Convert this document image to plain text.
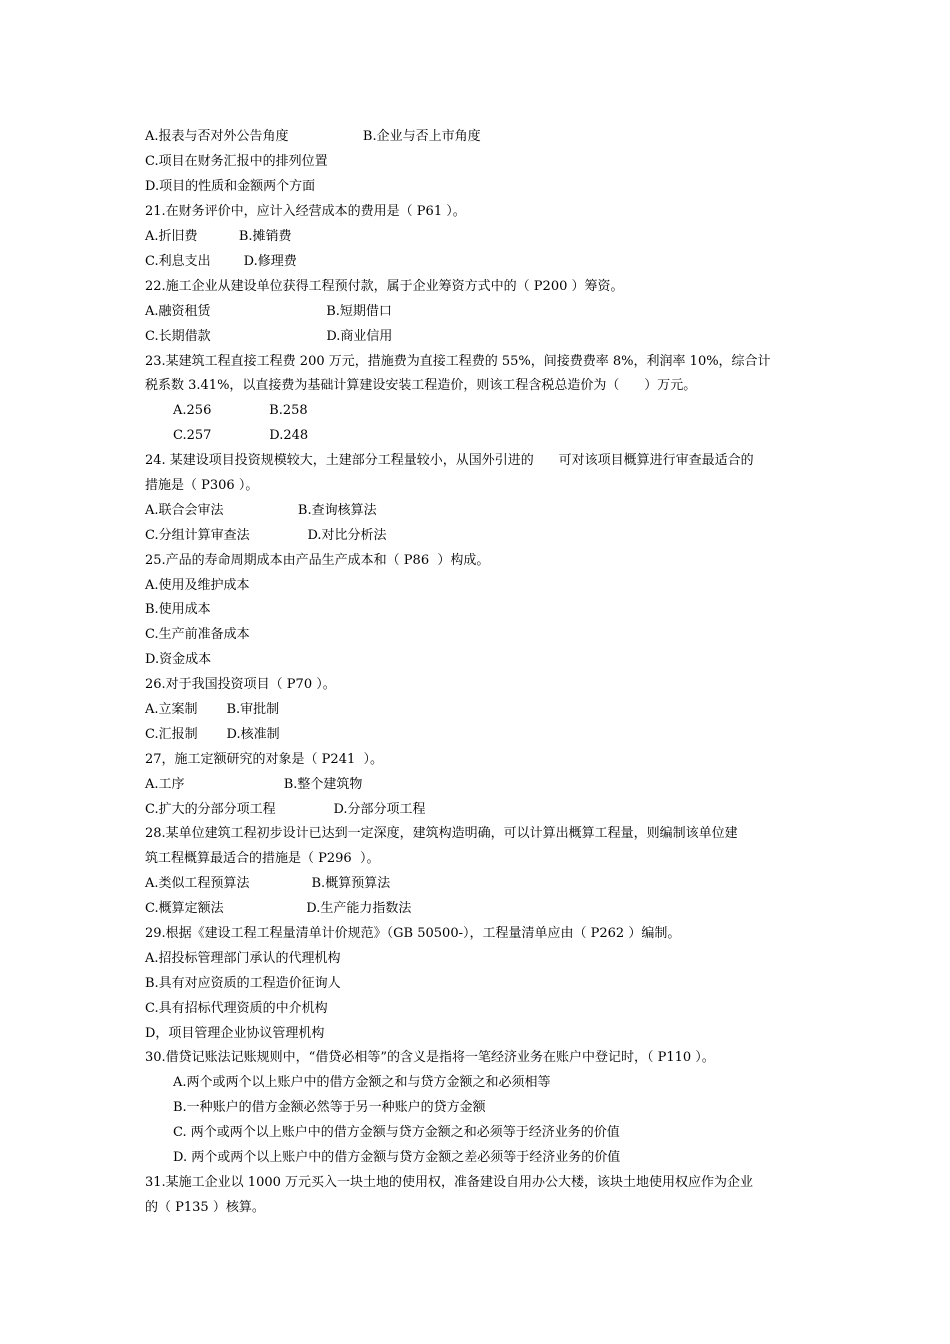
A.报表与否对外公告角度                  B.企业与否上市角度
C.项目在财务汇报中的排列位置
D.项目的性质和金额两个方面
21.在财务评价中，应计入经营成本的费用是（ P61 ）。
A.折旧费          B.摊销费
C.利息支出        D.修理费
22.施工企业从建设单位获得工程预付款，属于企业筹资方式中的（ P200 ）筹资。
A.融资租赁                            B.短期借口
C.长期借款                            D.商业信用
23.某建筑工程直接工程费 200 万元，措施费为直接工程费的 55%，间接费费率 8%，利润率 10%，综合计
税系数 3.41%，以直接费为基础计算建设安装工程造价，则该工程含税总造价为（      ）万元。
A.256              B.258
C.257              D.248
24. 某建设项目投资规模较大，土建部分工程量较小，从国外引进的      可对该项目概算进行审查最适合的
措施是（ P306 ）。
A.联合会审法                  B.查询核算法
C.分组计算审查法              D.对比分析法
25.产品的寿命周期成本由产品生产成本和（ P86  ）构成。
A.使用及维护成本
B.使用成本
C.生产前准备成本
D.资金成本
26.对于我国投资项目（ P70 ）。
A.立案制       B.审批制
C.汇报制       D.核准制
27，施工定额研究的对象是（ P241  ）。
A.工序                        B.整个建筑物
C.扩大的分部分项工程              D.分部分项工程
28.某单位建筑工程初步设计已达到一定深度，建筑构造明确，可以计算出概算工程量，则编制该单位建
筑工程概算最适合的措施是（ P296  ）。
A.类似工程预算法               B.概算预算法
C.概算定额法                    D.生产能力指数法
29.根据《建设工程工程量清单计价规范》（GB 50500-），工程量清单应由（ P262 ）编制。
A.招投标管理部门承认的代理机构
B.具有对应资质的工程造价征询人
C.具有招标代理资质的中介机构
D，项目管理企业协议管理机构
30.借贷记账法记账规则中，“借贷必相等”的含义是指将一笔经济业务在账户中登记时，（ P110 ）。
A.两个或两个以上账户中的借方金额之和与贷方金额之和必须相等
B.一种账户的借方金额必然等于另一种账户的贷方金额
C. 两个或两个以上账户中的借方金额与贷方金额之和必须等于经济业务的价值
D. 两个或两个以上账户中的借方金额与贷方金额之差必须等于经济业务的价值
31.某施工企业以 1000 万元买入一块土地的使用权，准备建设自用办公大楼，该块土地使用权应作为企业
的（ P135 ）核算。
